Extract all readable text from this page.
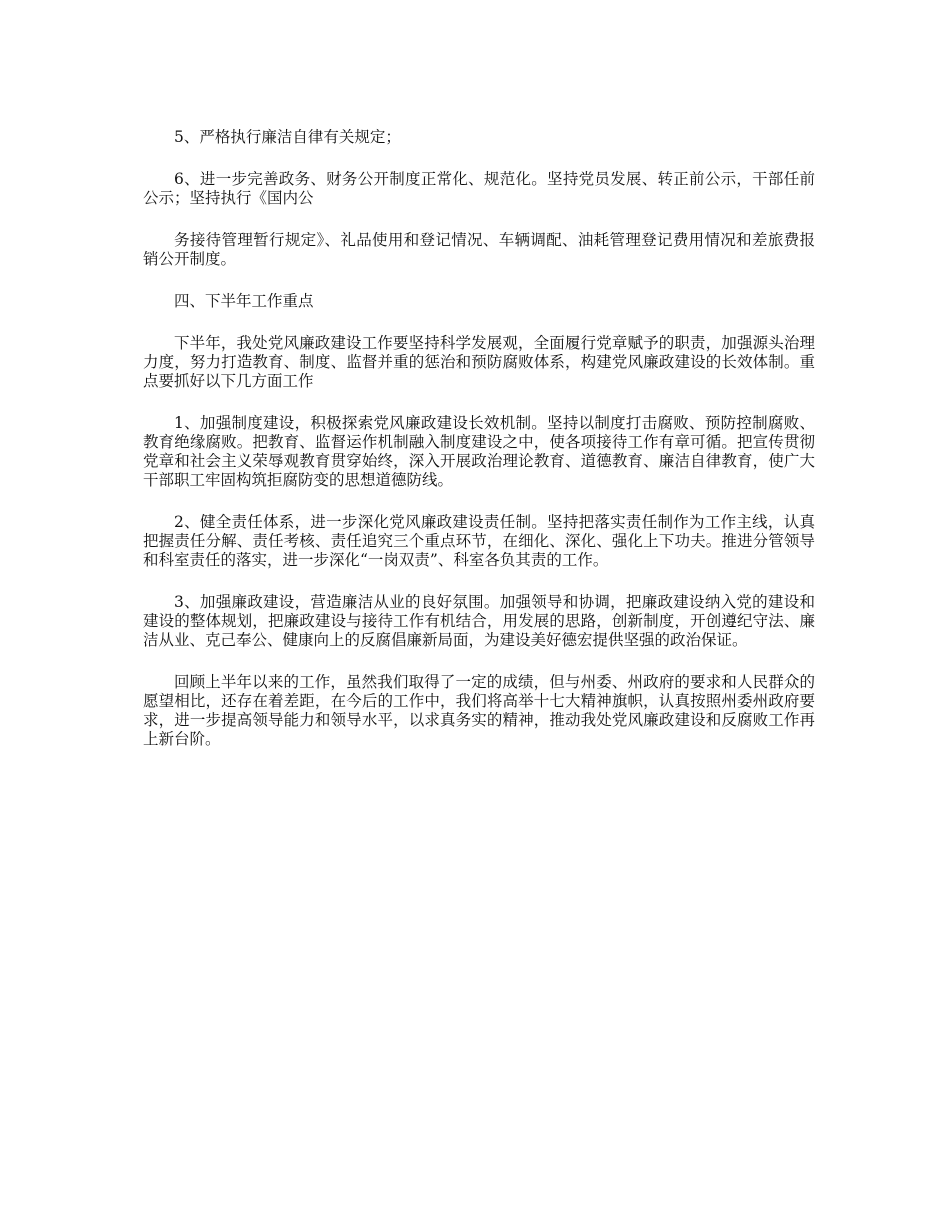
5、严格执行廉洁自律有关规定；

6、进一步完善政务、财务公开制度正常化、规范化。坚持党员发展、转正前公示，干部任前公示；坚持执行《国内公

务接待管理暂行规定》、礼品使用和登记情况、车辆调配、油耗管理登记费用情况和差旅费报销公开制度。

四、下半年工作重点

下半年，我处党风廉政建设工作要坚持科学发展观，全面履行党章赋予的职责，加强源头治理力度，努力打造教育、制度、监督并重的惩治和预防腐败体系，构建党风廉政建设的长效体制。重点要抓好以下几方面工作

1、加强制度建设，积极探索党风廉政建设长效机制。坚持以制度打击腐败、预防控制腐败、教育绝缘腐败。把教育、监督运作机制融入制度建设之中，使各项接待工作有章可循。把宣传贯彻党章和社会主义荣辱观教育贯穿始终，深入开展政治理论教育、道德教育、廉洁自律教育，使广大干部职工牢固构筑拒腐防变的思想道德防线。

2、健全责任体系，进一步深化党风廉政建设责任制。坚持把落实责任制作为工作主线，认真把握责任分解、责任考核、责任追究三个重点环节，在细化、深化、强化上下功夫。推进分管领导和科室责任的落实，进一步深化“一岗双责”、科室各负其责的工作。

3、加强廉政建设，营造廉洁从业的良好氛围。加强领导和协调，把廉政建设纳入党的建设和建设的整体规划，把廉政建设与接待工作有机结合，用发展的思路，创新制度，开创遵纪守法、廉洁从业、克己奉公、健康向上的反腐倡廉新局面，为建设美好德宏提供坚强的政治保证。

回顾上半年以来的工作，虽然我们取得了一定的成绩，但与州委、州政府的要求和人民群众的愿望相比，还存在着差距，在今后的工作中，我们将高举十七大精神旗帜，认真按照州委州政府要求，进一步提高领导能力和领导水平，以求真务实的精神，推动我处党风廉政建设和反腐败工作再上新台阶。
